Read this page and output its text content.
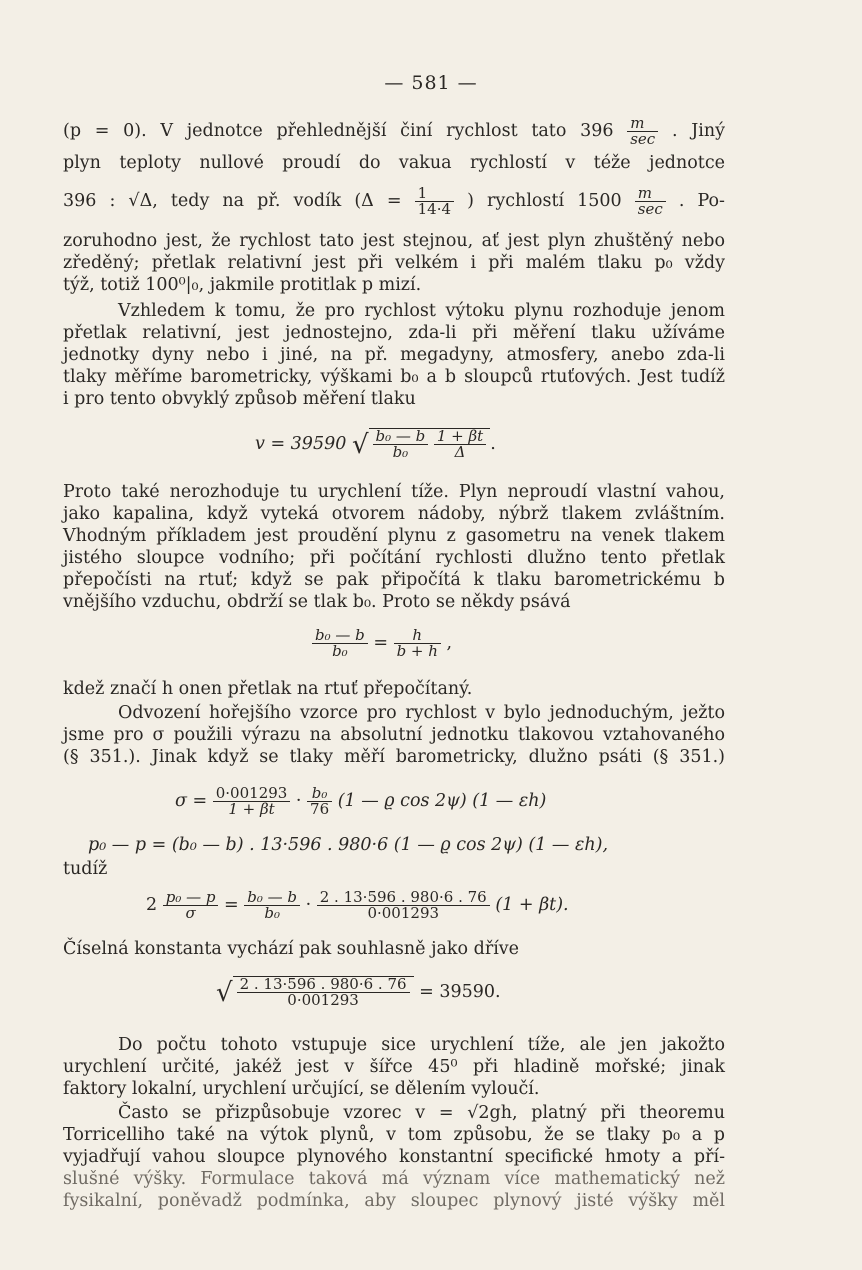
— 581 —
(p = 0). V jednotce přehlednější činí rychlost tato $396 \frac{m}{\sec}$ . Jiný
plyn teploty nullové proudí do vakua rychlostí v téže jednotce
396 : √Δ, tedy na př. vodík ($\Delta = \frac{1}{14\cdot 4}$ ) rychlostí $1500 \frac{m}{\sec}$ . Po-
zoruhodno jest, že rychlost tato jest stejnou, ať jest plyn zhuštěný nebo
zředěný; přetlak relativní jest při velkém i při malém tlaku p₀ vždy
týž, totiž 100⁰|₀, jakmile protitlak p mizí.
Vzhledem k tomu, že pro rychlost výtoku plynu rozhoduje jenom
přetlak relativní, jest jednostejno, zda-li při měření tlaku užíváme
jednotky dyny nebo i jiné, na př. megadyny, atmosfery, anebo zda-li
tlaky měříme barometricky, výškami b₀ a b sloupců rtuťových. Jest tudíž
i pro tento obvyklý způsob měření tlaku
v = 39590 √ $\frac{\text{b₀ — b}}{\text{b₀}}$
$\frac{1 + \beta t}{\Delta}$ .
Proto také nerozhoduje tu urychlení tíže. Plyn neproudí vlastní vahou,
jako kapalina, když vyteká otvorem nádoby, nýbrž tlakem zvláštním.
Vhodným příkladem jest proudění plynu z gasometru na venek tlakem
jistého sloupce vodního; při počítání rychlosti dlužno tento přetlak
přepočísti na rtuť; když se pak připočítá k tlaku barometrickému b
vnějšího vzduchu, obdrží se tlak b₀. Proto se někdy psává
$\frac{\text{b₀ — b}}{\text{b₀}} = \frac{h}{b + h}$ ,
kdež značí h onen přetlak na rtuť přepočítaný.
Odvození hořejšího vzorce pro rychlost v bylo jednoduchým, ježto
jsme pro σ použili výrazu na absolutní jednotku tlakovou vztahovaného
(§ 351.). Jinak když se tlaky měří barometricky, dlužno psáti (§ 351.)
$\sigma = \frac{0\cdot 001293}{1 + \beta t} \cdot \frac{\text{b₀}}{76} (1$ — ϱ cos 2ψ) (1 — εh)
p₀ — p = (b₀ — b) . 13·596 . 980·6 (1 — ϱ cos 2ψ) (1 — εh),
tudíž
$2 \frac{\text{p₀ — p}}{\sigma} = \frac{\text{b₀ — b}}{\text{b₀}} \cdot \frac{2 . 13\cdot 596 . 980\cdot 6 . 76}{0\cdot 001293} (1 + \beta t)$.
Číselná konstanta vychází pak souhlasně jako dříve
√ $\frac{2 . 13\cdot 596 . 980\cdot 6 . 76}{0\cdot 001293} = 39590$.
Do počtu tohoto vstupuje sice urychlení tíže, ale jen jakožto
urychlení určité, jakéž jest v šířce 45⁰ při hladině mořské; jinak
faktory lokalní, urychlení určující, se dělením vyloučí.
Často se přizpůsobuje vzorec v = √2gh, platný při theoremu
Torricelliho také na výtok plynů, v tom způsobu, že se tlaky p₀ a p
vyjadřují vahou sloupce plynového konstantní specifické hmoty a pří-
slušné výšky. Formulace taková má význam více mathematický než
fysikalní, poněvadž podmínka, aby sloupec plynový jisté výšky měl
